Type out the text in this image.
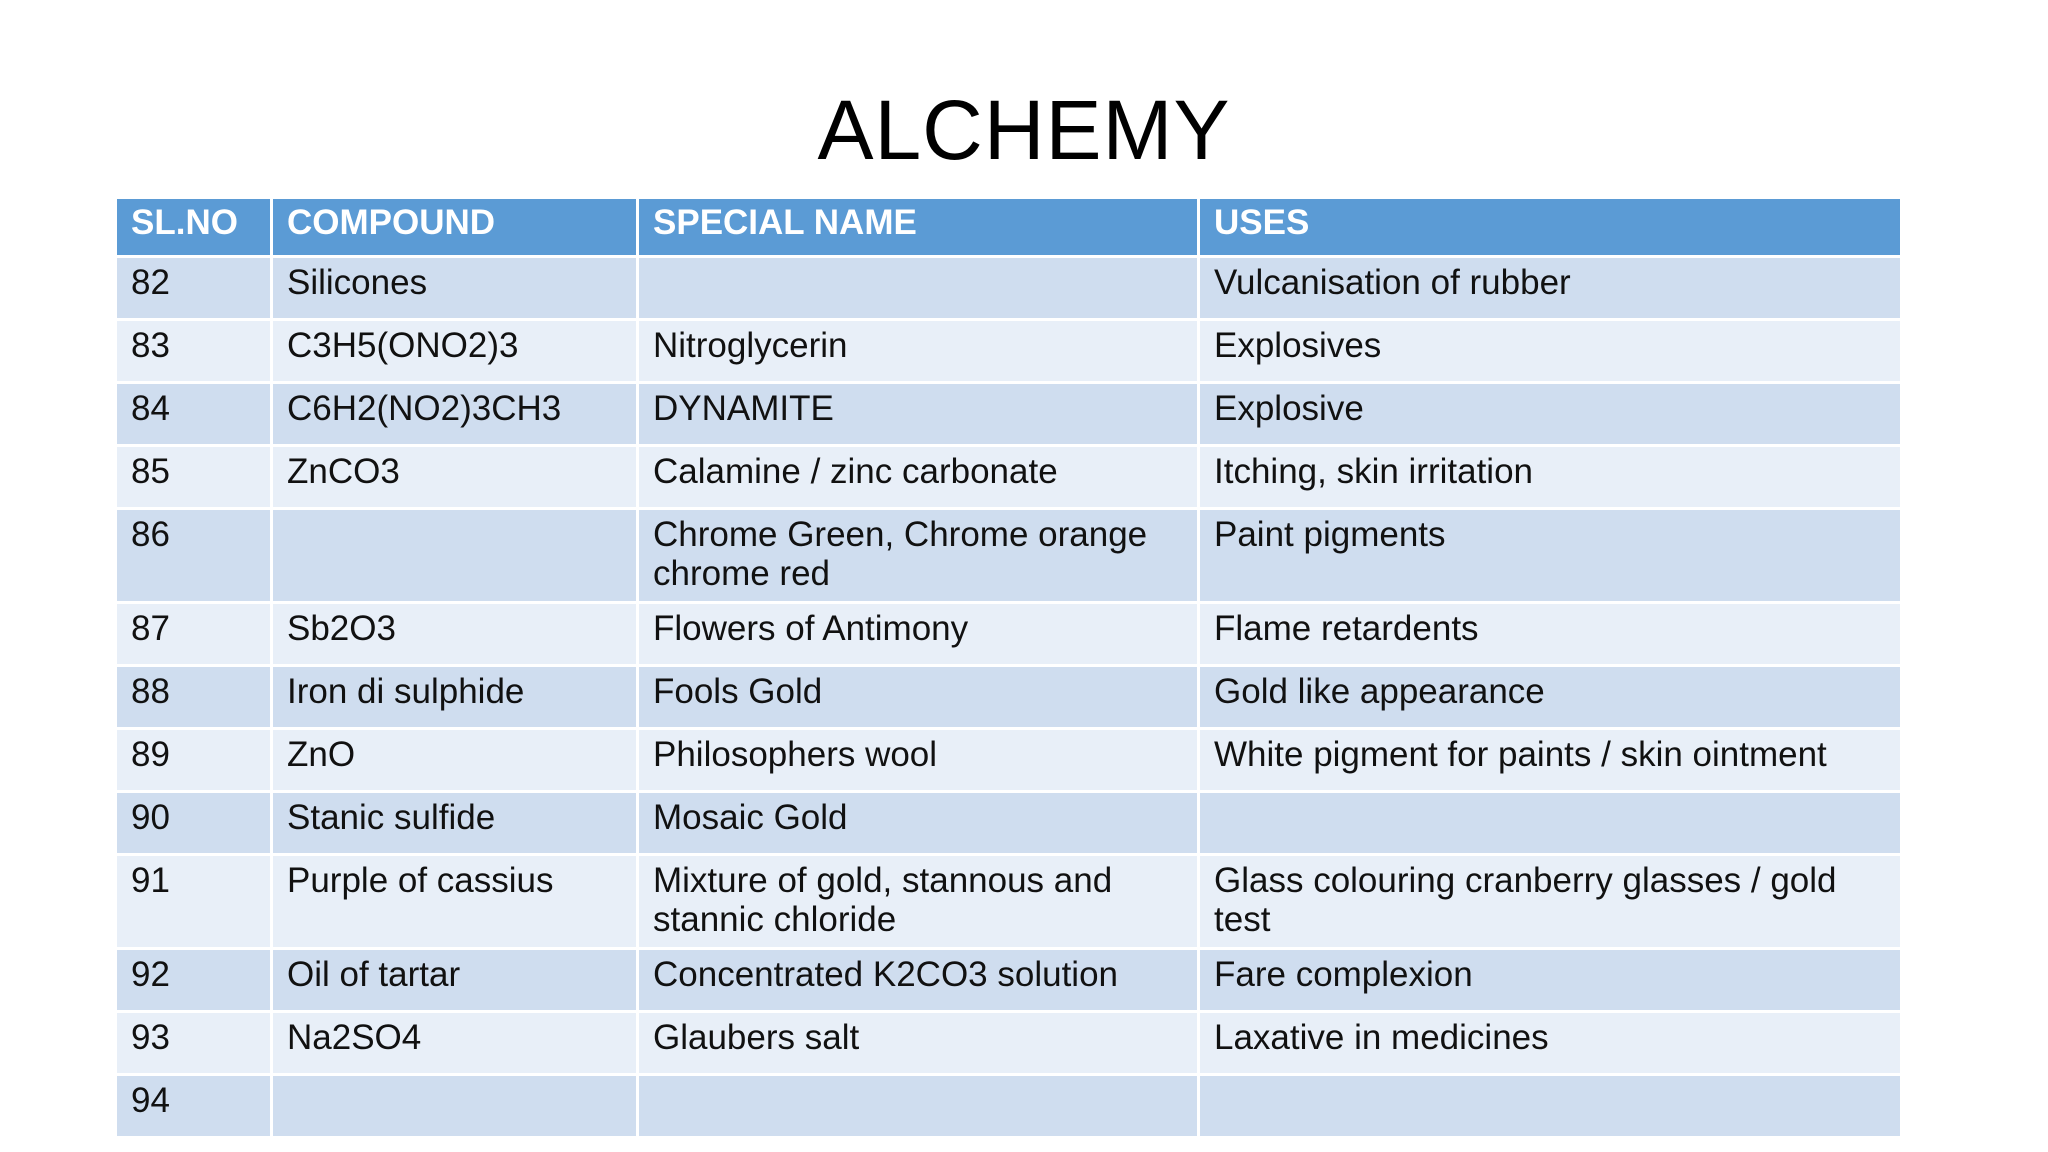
ALCHEMY
SL.NO	COMPOUND	SPECIAL NAME	USES
82	Silicones		Vulcanisation of rubber
83	C3H5(ONO2)3	Nitroglycerin	Explosives
84	C6H2(NO2)3CH3	DYNAMITE	Explosive
85	ZnCO3	Calamine / zinc carbonate	Itching, skin irritation
86		Chrome Green, Chrome orange chrome red	Paint pigments
87	Sb2O3	Flowers of Antimony	Flame retardents
88	Iron di sulphide	Fools Gold	Gold like appearance
89	ZnO	Philosophers wool	White pigment for paints / skin ointment
90	Stanic sulfide	Mosaic Gold	
91	Purple of cassius	Mixture of gold, stannous and stannic chloride	Glass colouring cranberry glasses / gold test
92	Oil of tartar	Concentrated K2CO3 solution	Fare complexion
93	Na2SO4	Glaubers salt	Laxative in medicines
94			
